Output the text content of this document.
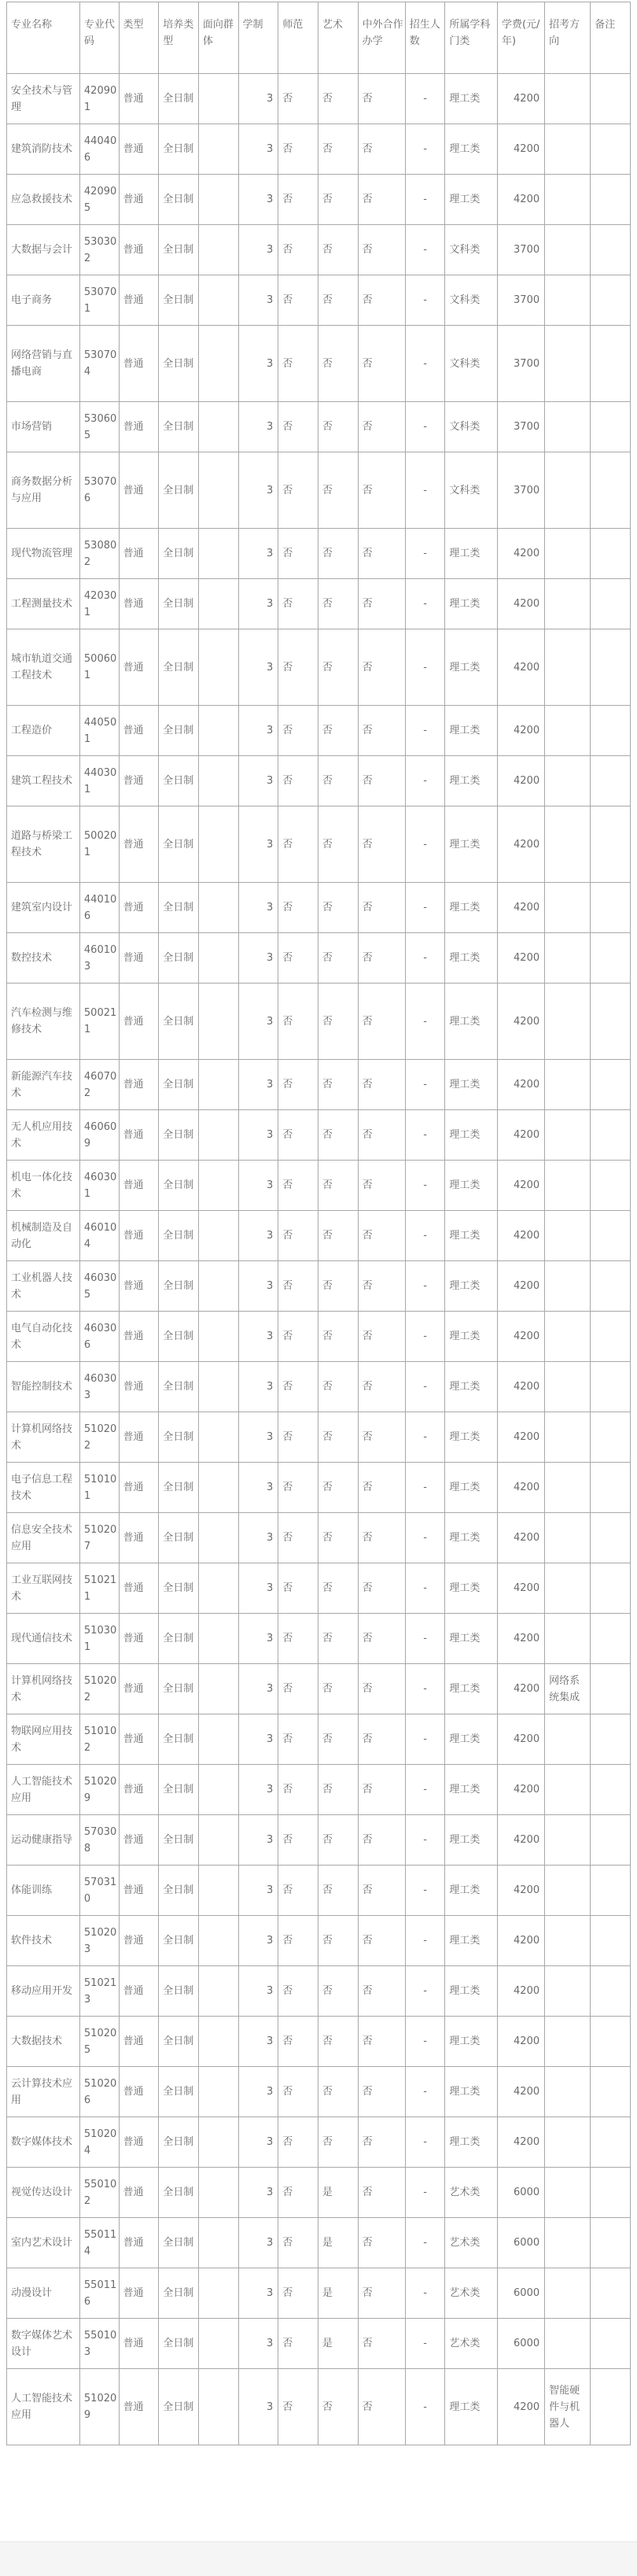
专业名称	专业代码	类型	培养类型	面向群体	学制	师范	艺术	中外合作办学	招生人数	所属学科门类	学费(元/年)	招考方向	备注
安全技术与管理	420901	普通	全日制		3	否	否	否	-	理工类	4200		
建筑消防技术	440406	普通	全日制		3	否	否	否	-	理工类	4200		
应急救援技术	420905	普通	全日制		3	否	否	否	-	理工类	4200		
大数据与会计	530302	普通	全日制		3	否	否	否	-	文科类	3700		
电子商务	530701	普通	全日制		3	否	否	否	-	文科类	3700		
网络营销与直播电商	530704	普通	全日制		3	否	否	否	-	文科类	3700		
市场营销	530605	普通	全日制		3	否	否	否	-	文科类	3700		
商务数据分析与应用	530706	普通	全日制		3	否	否	否	-	文科类	3700		
现代物流管理	530802	普通	全日制		3	否	否	否	-	理工类	4200		
工程测量技术	420301	普通	全日制		3	否	否	否	-	理工类	4200		
城市轨道交通工程技术	500601	普通	全日制		3	否	否	否	-	理工类	4200		
工程造价	440501	普通	全日制		3	否	否	否	-	理工类	4200		
建筑工程技术	440301	普通	全日制		3	否	否	否	-	理工类	4200		
道路与桥梁工程技术	500201	普通	全日制		3	否	否	否	-	理工类	4200		
建筑室内设计	440106	普通	全日制		3	否	否	否	-	理工类	4200		
数控技术	460103	普通	全日制		3	否	否	否	-	理工类	4200		
汽车检测与维修技术	500211	普通	全日制		3	否	否	否	-	理工类	4200		
新能源汽车技术	460702	普通	全日制		3	否	否	否	-	理工类	4200		
无人机应用技术	460609	普通	全日制		3	否	否	否	-	理工类	4200		
机电一体化技术	460301	普通	全日制		3	否	否	否	-	理工类	4200		
机械制造及自动化	460104	普通	全日制		3	否	否	否	-	理工类	4200		
工业机器人技术	460305	普通	全日制		3	否	否	否	-	理工类	4200		
电气自动化技术	460306	普通	全日制		3	否	否	否	-	理工类	4200		
智能控制技术	460303	普通	全日制		3	否	否	否	-	理工类	4200		
计算机网络技术	510202	普通	全日制		3	否	否	否	-	理工类	4200		
电子信息工程技术	510101	普通	全日制		3	否	否	否	-	理工类	4200		
信息安全技术应用	510207	普通	全日制		3	否	否	否	-	理工类	4200		
工业互联网技术	510211	普通	全日制		3	否	否	否	-	理工类	4200		
现代通信技术	510301	普通	全日制		3	否	否	否	-	理工类	4200		
计算机网络技术	510202	普通	全日制		3	否	否	否	-	理工类	4200	网络系统集成	
物联网应用技术	510102	普通	全日制		3	否	否	否	-	理工类	4200		
人工智能技术应用	510209	普通	全日制		3	否	否	否	-	理工类	4200		
运动健康指导	570308	普通	全日制		3	否	否	否	-	理工类	4200		
体能训练	570310	普通	全日制		3	否	否	否	-	理工类	4200		
软件技术	510203	普通	全日制		3	否	否	否	-	理工类	4200		
移动应用开发	510213	普通	全日制		3	否	否	否	-	理工类	4200		
大数据技术	510205	普通	全日制		3	否	否	否	-	理工类	4200		
云计算技术应用	510206	普通	全日制		3	否	否	否	-	理工类	4200		
数字媒体技术	510204	普通	全日制		3	否	否	否	-	理工类	4200		
视觉传达设计	550102	普通	全日制		3	否	是	否	-	艺术类	6000		
室内艺术设计	550114	普通	全日制		3	否	是	否	-	艺术类	6000		
动漫设计	550116	普通	全日制		3	否	是	否	-	艺术类	6000		
数字媒体艺术设计	550103	普通	全日制		3	否	是	否	-	艺术类	6000		
人工智能技术应用	510209	普通	全日制		3	否	否	否	-	理工类	4200	智能硬件与机器人	
